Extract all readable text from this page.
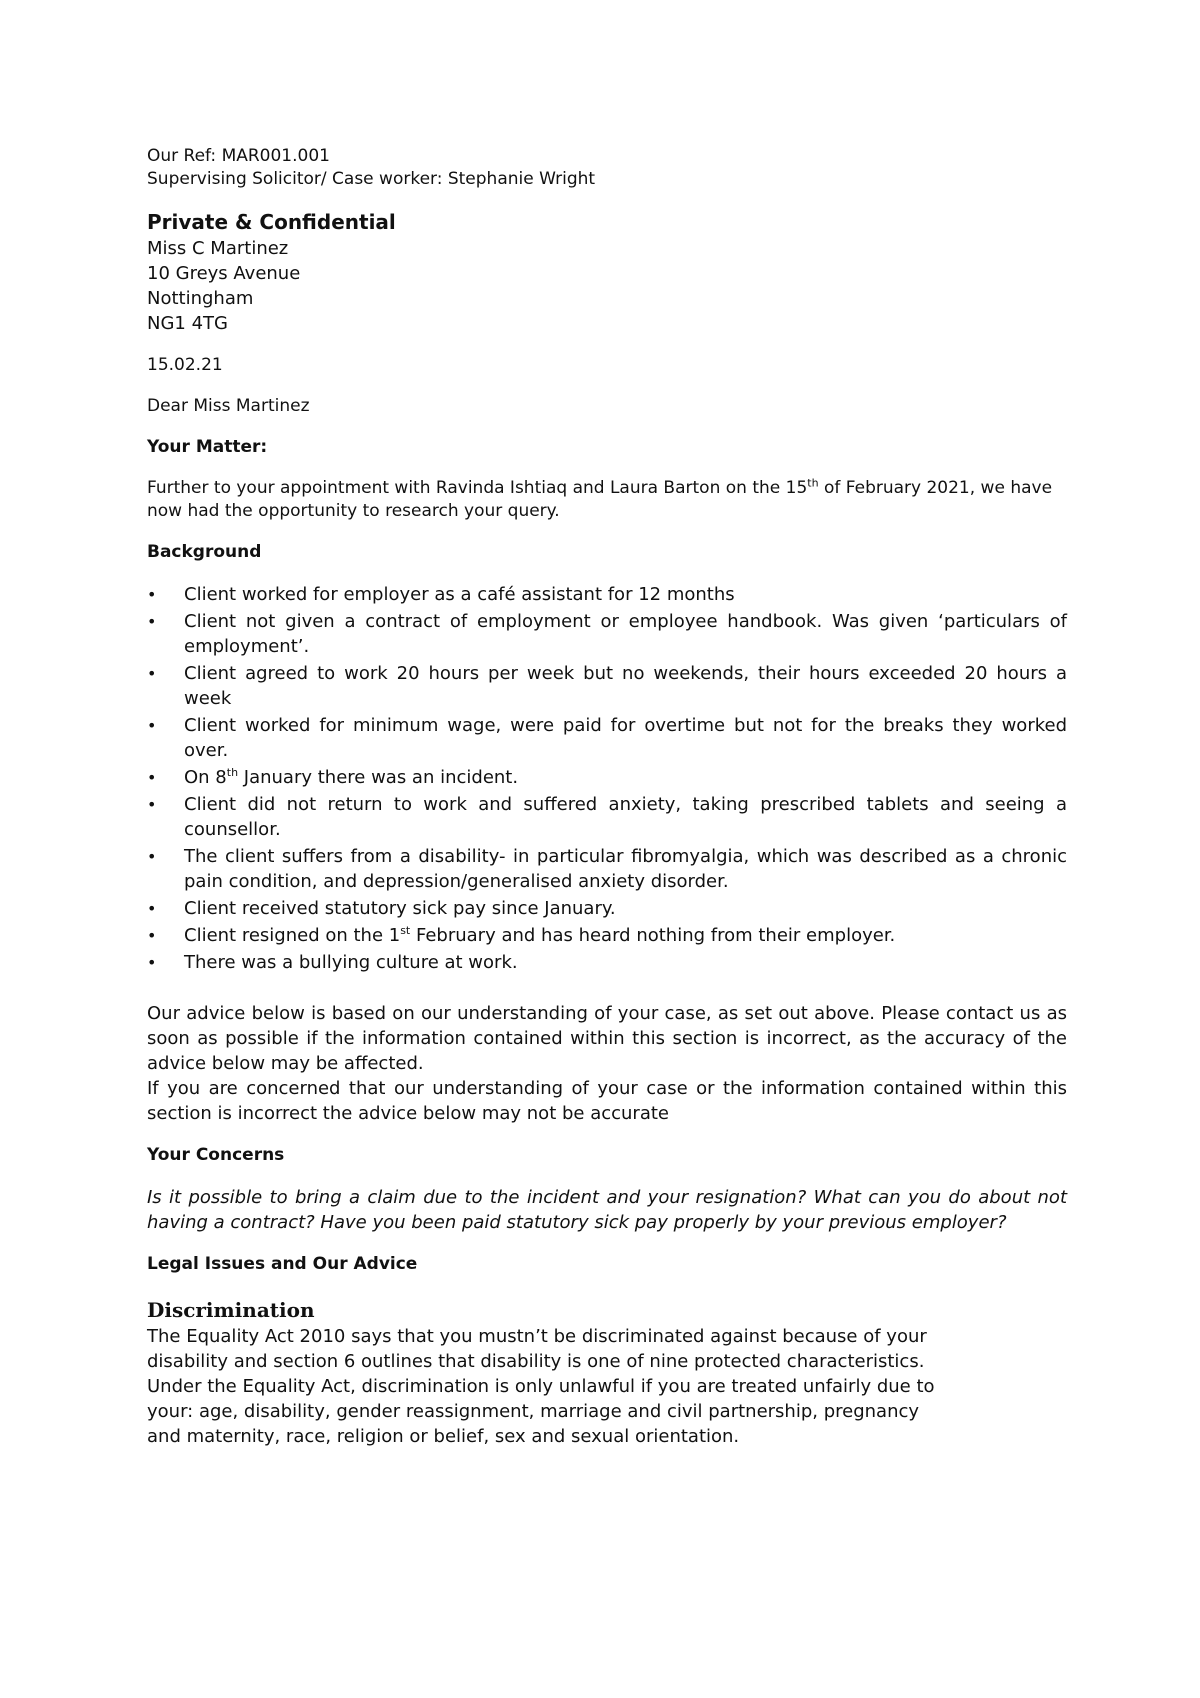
Our Ref: MAR001.001
Supervising Solicitor/ Case worker: Stephanie Wright
Private & Confidential
Miss C Martinez
10 Greys Avenue
Nottingham
NG1 4TG
15.02.21
Dear Miss Martinez
Your Matter:

Further to your appointment with Ravinda Ishtiaq and Laura Barton on the 15th of February 2021, we have now had the opportunity to research your query.

Background
• Client worked for employer as a café assistant for 12 months
• Client not given a contract of employment or employee handbook. Was given ‘particulars of employment’.
• Client agreed to work 20 hours per week but no weekends, their hours exceeded 20 hours a week
• Client worked for minimum wage, were paid for overtime but not for the breaks they worked over.
• On 8th January there was an incident.
• Client did not return to work and suffered anxiety, taking prescribed tablets and seeing a counsellor.
• The client suffers from a disability- in particular fibromyalgia, which was described as a chronic pain condition, and depression/generalised anxiety disorder.
• Client received statutory sick pay since January.
• Client resigned on the 1st February and has heard nothing from their employer.
• There was a bullying culture at work.

Our advice below is based on our understanding of your case, as set out above. Please contact us as soon as possible if the information contained within this section is incorrect, as the accuracy of the advice below may be affected.

If you are concerned that our understanding of your case or the information contained within this section is incorrect the advice below may not be accurate

Your Concerns

Is it possible to bring a claim due to the incident and your resignation? What can you do about not having a contract? Have you been paid statutory sick pay properly by your previous employer?

Legal Issues and Our Advice
Discrimination
The Equality Act 2010 says that you mustn’t be discriminated against because of your
disability and section 6 outlines that disability is one of nine protected characteristics.
Under the Equality Act, discrimination is only unlawful if you are treated unfairly due to
your: age, disability, gender reassignment, marriage and civil partnership, pregnancy
and maternity, race, religion or belief, sex and sexual orientation.
